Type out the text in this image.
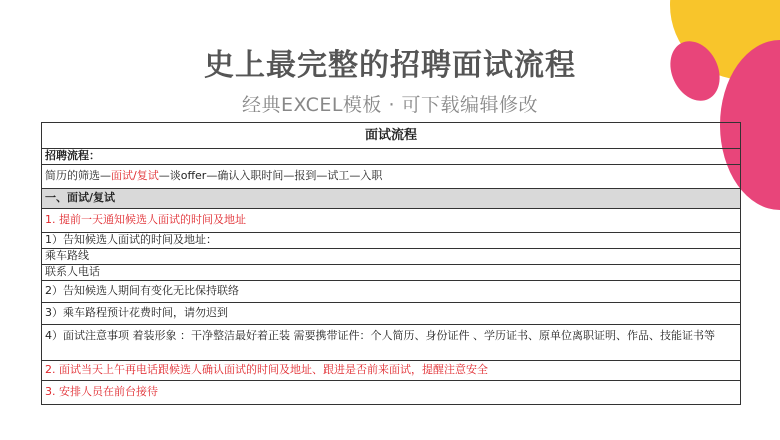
史上最完整的招聘面试流程
经典EXCEL模板 · 可下载编辑修改
面试流程
招聘流程：
简历的筛选— 面试/复试 —谈offer—确认入职时间—报到—试工—入职
一、面试/复试
1. 提前一天通知候选人面试的时间及地址
1）告知候选人面试的时间及地址：
乘车路线
联系人电话
2）告知候选人期间有变化无比保持联络
3）乘车路程预计花费时间，请勿迟到
4）面试注意事项 着装形象 ：干净整洁最好着正装 需要携带证件：个人简历、身份证件 、学历证书、原单位离职证明、作品、技能证书等
2. 面试当天上午再电话跟候选人确认面试的时间及地址、跟进是否前来面试，提醒注意安全
3. 安排人员在前台接待
